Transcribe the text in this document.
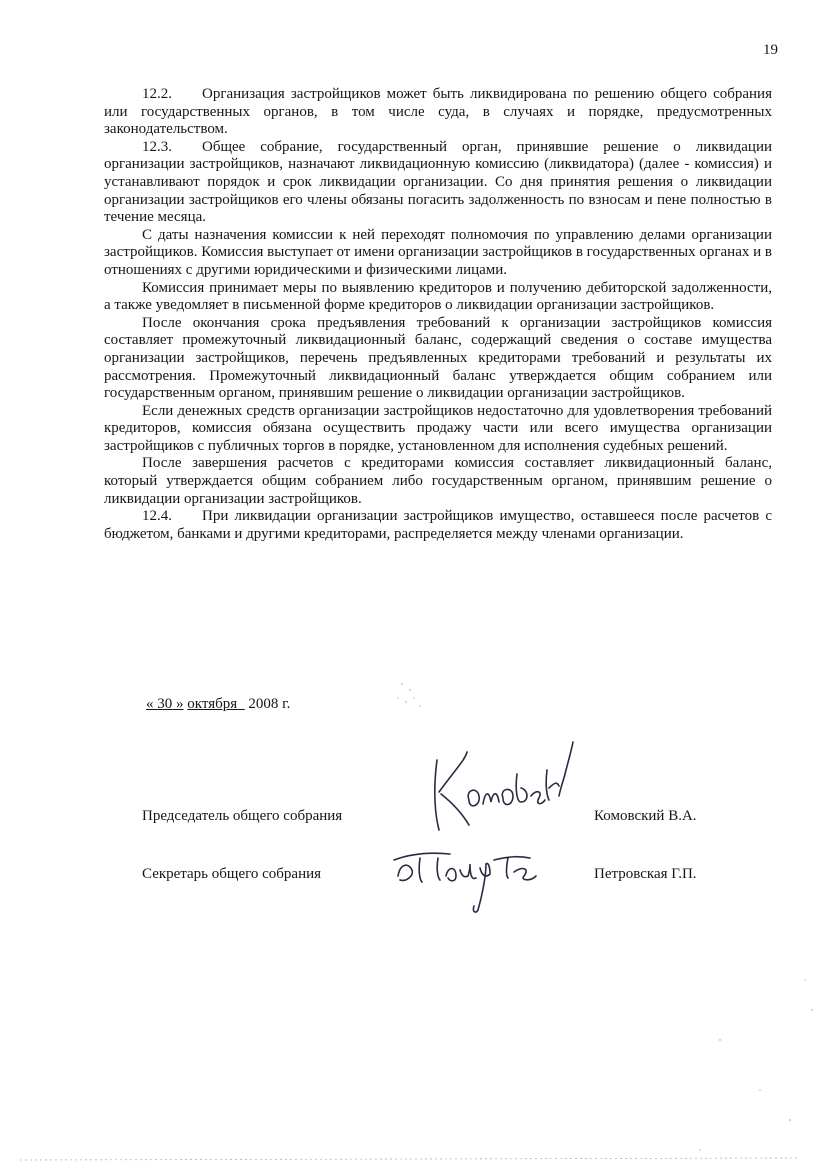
19

12.2. Организация застройщиков может быть ликвидирована по решению общего собрания или государственных органов, в том числе суда, в случаях и порядке, предусмотренных законодательством.

12.3. Общее собрание, государственный орган, принявшие решение о ликвидации организации застройщиков, назначают ликвидационную комиссию (ликвидатора) (далее - комиссия) и устанавливают порядок и срок ликвидации организации. Со дня принятия решения о ликвидации организации застройщиков его члены обязаны погасить задолженность по взносам и пене полностью в течение месяца.

С даты назначения комиссии к ней переходят полномочия по управлению делами организации застройщиков. Комиссия выступает от имени организации застройщиков в государственных органах и в отношениях с другими юридическими и физическими лицами.

Комиссия принимает меры по выявлению кредиторов и получению дебиторской задолженности, а также уведомляет в письменной форме кредиторов о ликвидации организации застройщиков.

После окончания срока предъявления требований к организации застройщиков комиссия составляет промежуточный ликвидационный баланс, содержащий сведения о составе имущества организации застройщиков, перечень предъявленных кредиторами требований и результаты их рассмотрения. Промежуточный ликвидационный баланс утверждается общим собранием или государственным органом, принявшим решение о ликвидации организации застройщиков.

Если денежных средств организации застройщиков недостаточно для удовлетворения требований кредиторов, комиссия обязана осуществить продажу части или всего имущества организации застройщиков с публичных торгов в порядке, установленном для исполнения судебных решений.

После завершения расчетов с кредиторами комиссия составляет ликвидационный баланс, который утверждается общим собранием либо государственным органом, принявшим решение о ликвидации организации застройщиков.

12.4. При ликвидации организации застройщиков имущество, оставшееся после расчетов с бюджетом, банками и другими кредиторами, распределяется между членами организации.

« 30 » октября 2008 г.
Председатель общего собрания	Комовский В.А.
Секретарь общего собрания	Петровская Г.П.
